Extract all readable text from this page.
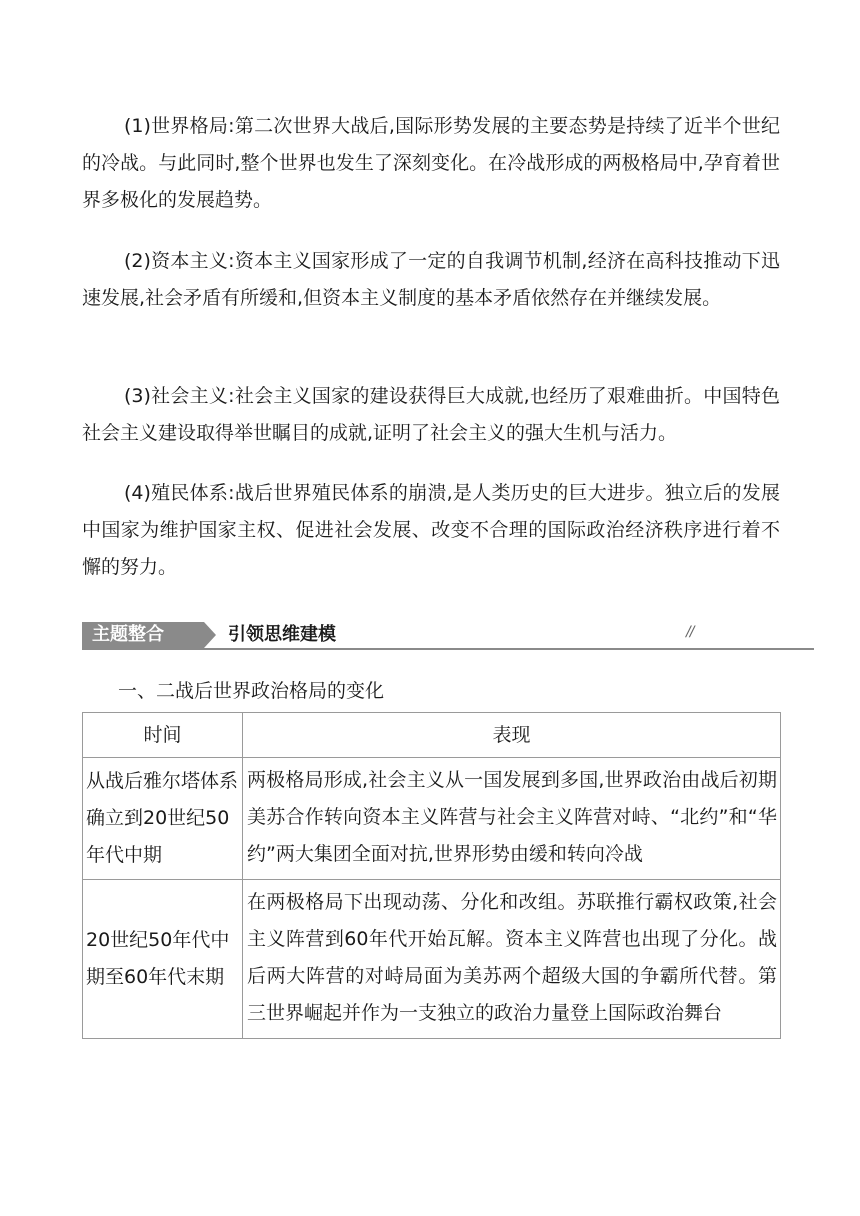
(1)世界格局:第二次世界大战后,国际形势发展的主要态势是持续了近半个世纪的冷战。与此同时,整个世界也发生了深刻变化。在冷战形成的两极格局中,孕育着世界多极化的发展趋势。

(2)资本主义:资本主义国家形成了一定的自我调节机制,经济在高科技推动下迅速发展,社会矛盾有所缓和,但资本主义制度的基本矛盾依然存在并继续发展。

(3)社会主义:社会主义国家的建设获得巨大成就,也经历了艰难曲折。中国特色社会主义建设取得举世瞩目的成就,证明了社会主义的强大生机与活力。

(4)殖民体系:战后世界殖民体系的崩溃,是人类历史的巨大进步。独立后的发展中国家为维护国家主权、促进社会发展、改变不合理的国际政治经济秩序进行着不懈的努力。

主题整合	引领思维建模	//
一、二战后世界政治格局的变化
时间	表现
从战后雅尔塔体系确立到20世纪50年代中期	两极格局形成,社会主义从一国发展到多国,世界政治由战后初期美苏合作转向资本主义阵营与社会主义阵营对峙、“北约”和“华约”两大集团全面对抗,世界形势由缓和转向冷战
20世纪50年代中期至60年代末期	在两极格局下出现动荡、分化和改组。苏联推行霸权政策,社会主义阵营到60年代开始瓦解。资本主义阵营也出现了分化。战后两大阵营的对峙局面为美苏两个超级大国的争霸所代替。第三世界崛起并作为一支独立的政治力量登上国际政治舞台
